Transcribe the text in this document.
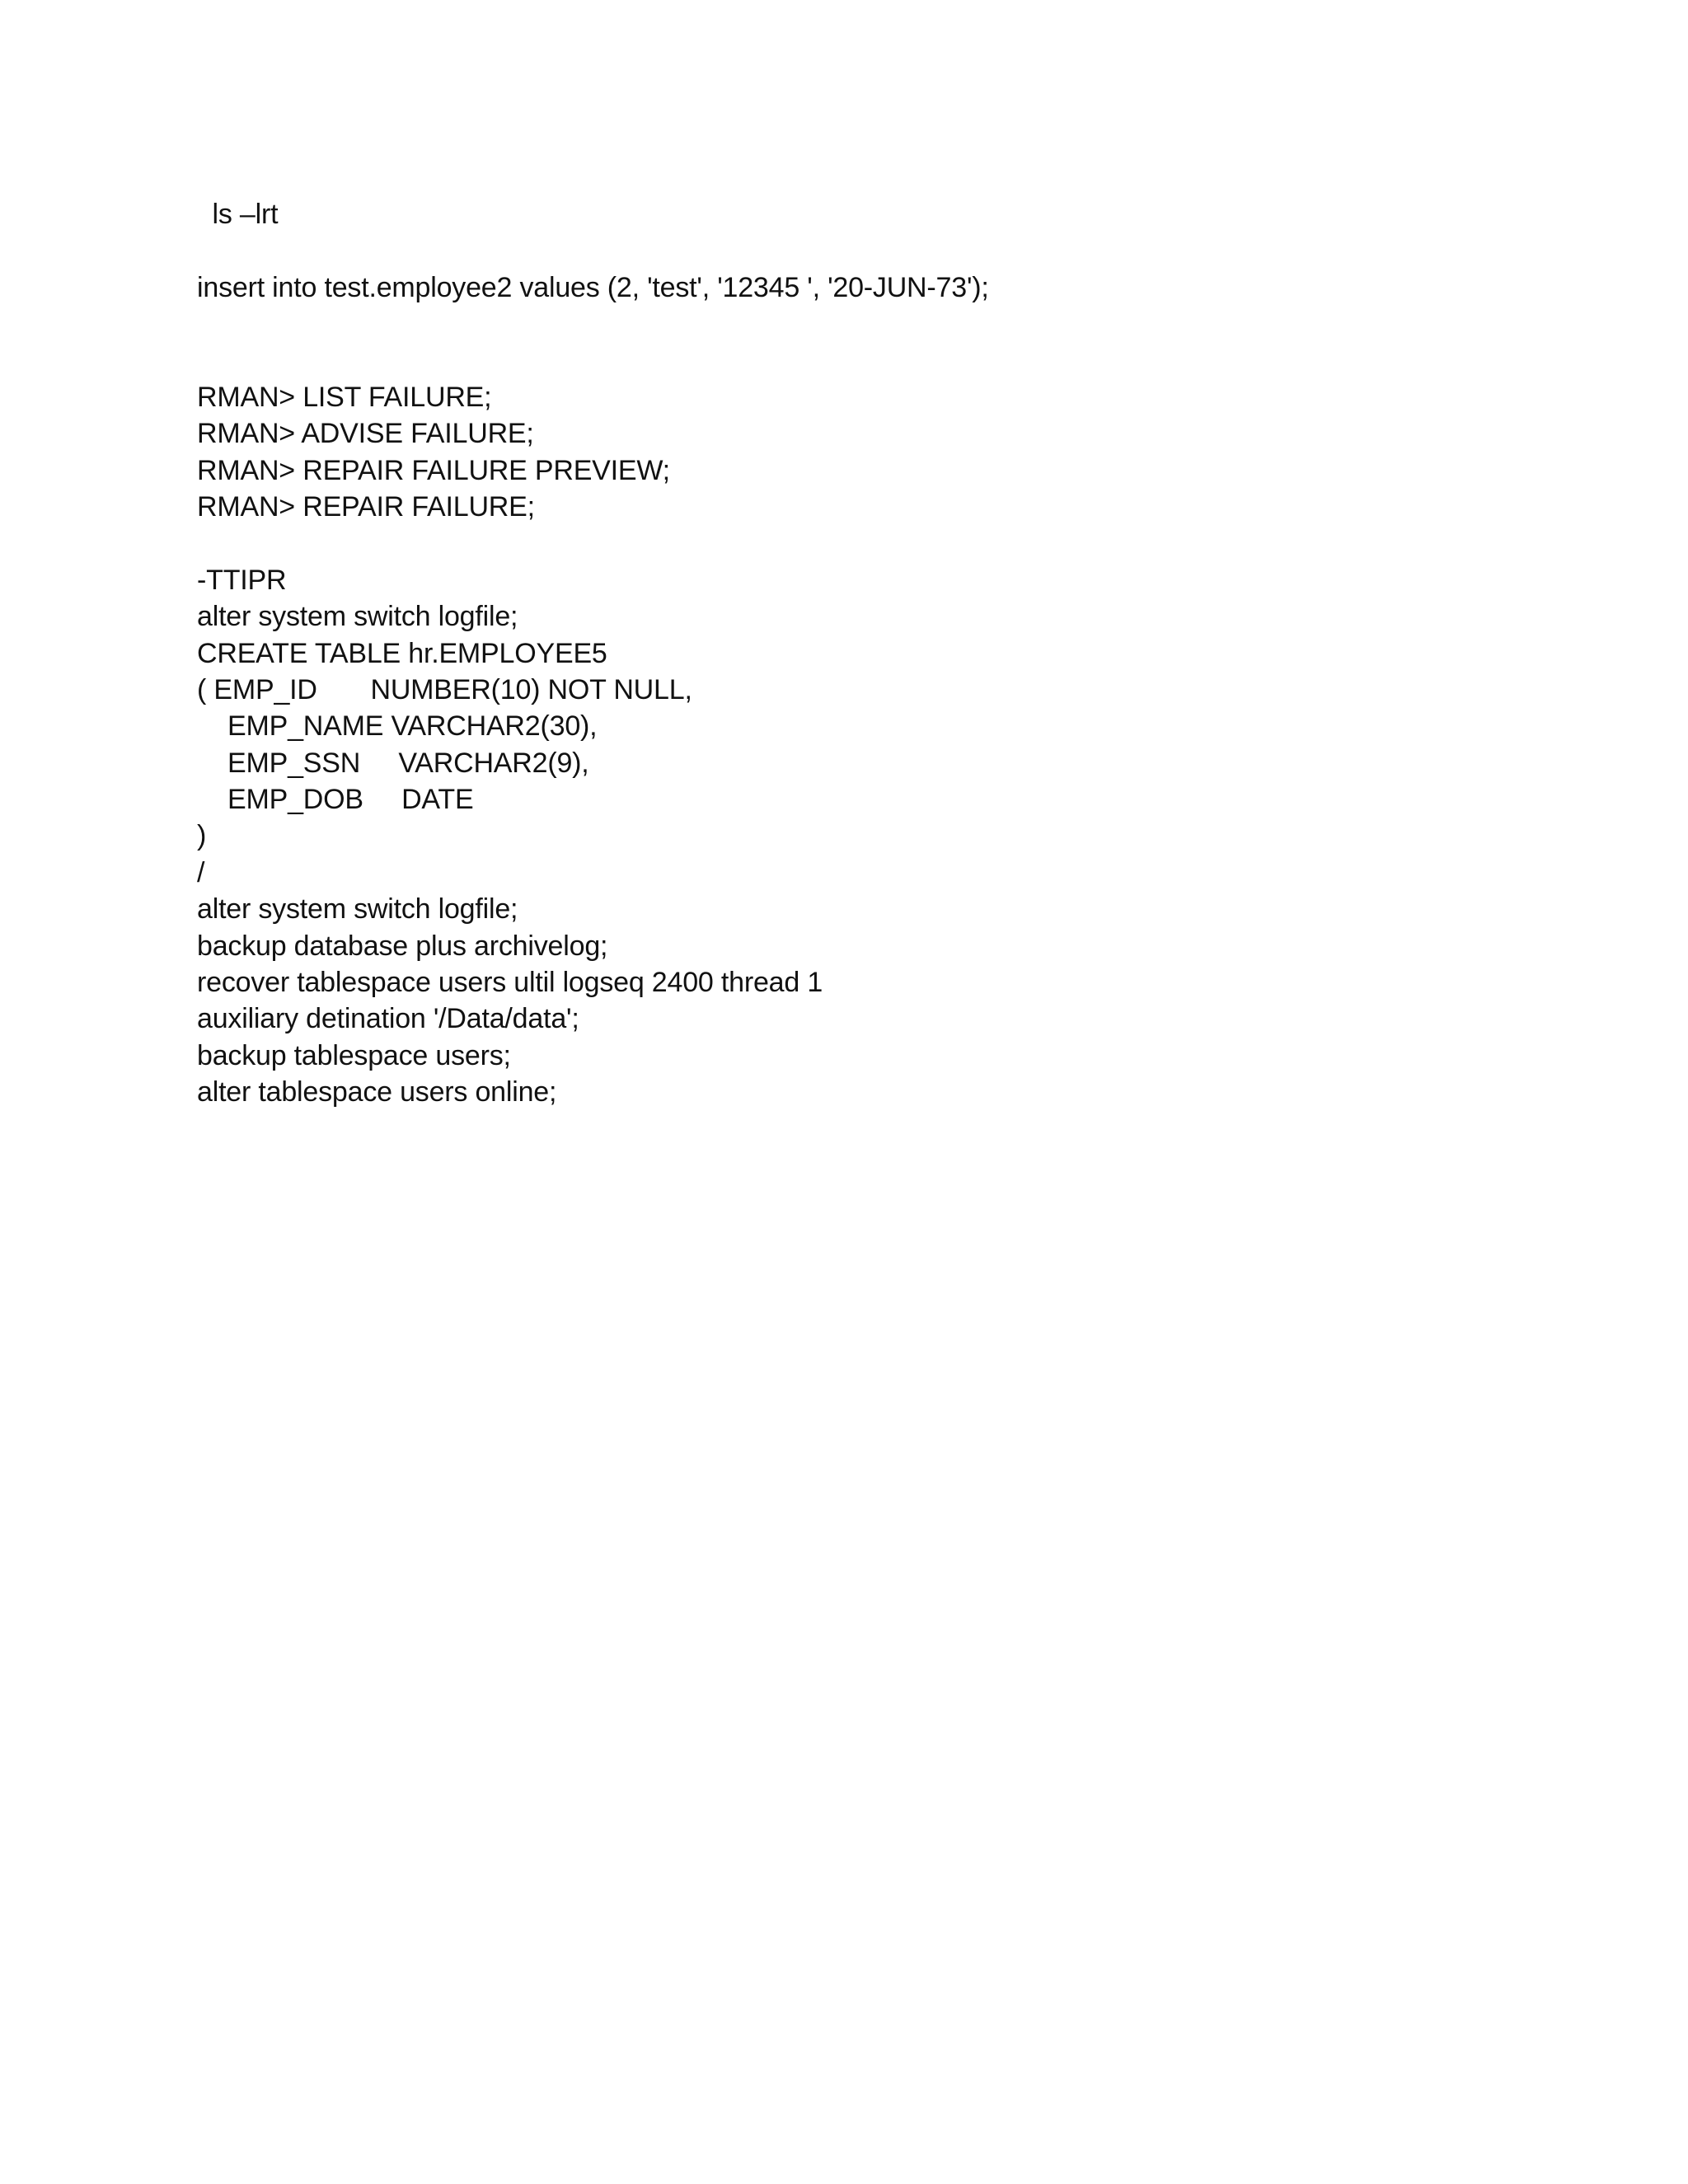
ls –lrt
insert into test.employee2 values (2, 'test', '12345 ', '20-JUN-73');
RMAN> LIST FAILURE;
RMAN> ADVISE FAILURE;
RMAN> REPAIR FAILURE PREVIEW;
RMAN> REPAIR FAILURE;
-TTIPR
alter system switch logfile;
CREATE TABLE hr.EMPLOYEE5
( EMP_ID       NUMBER(10) NOT NULL,
EMP_NAME VARCHAR2(30),
EMP_SSN     VARCHAR2(9),
EMP_DOB     DATE
)
/
alter system switch logfile;
backup database plus archivelog;
recover tablespace users ultil logseq 2400 thread 1
auxiliary detination '/Data/data';
backup tablespace users;
alter tablespace users online;
